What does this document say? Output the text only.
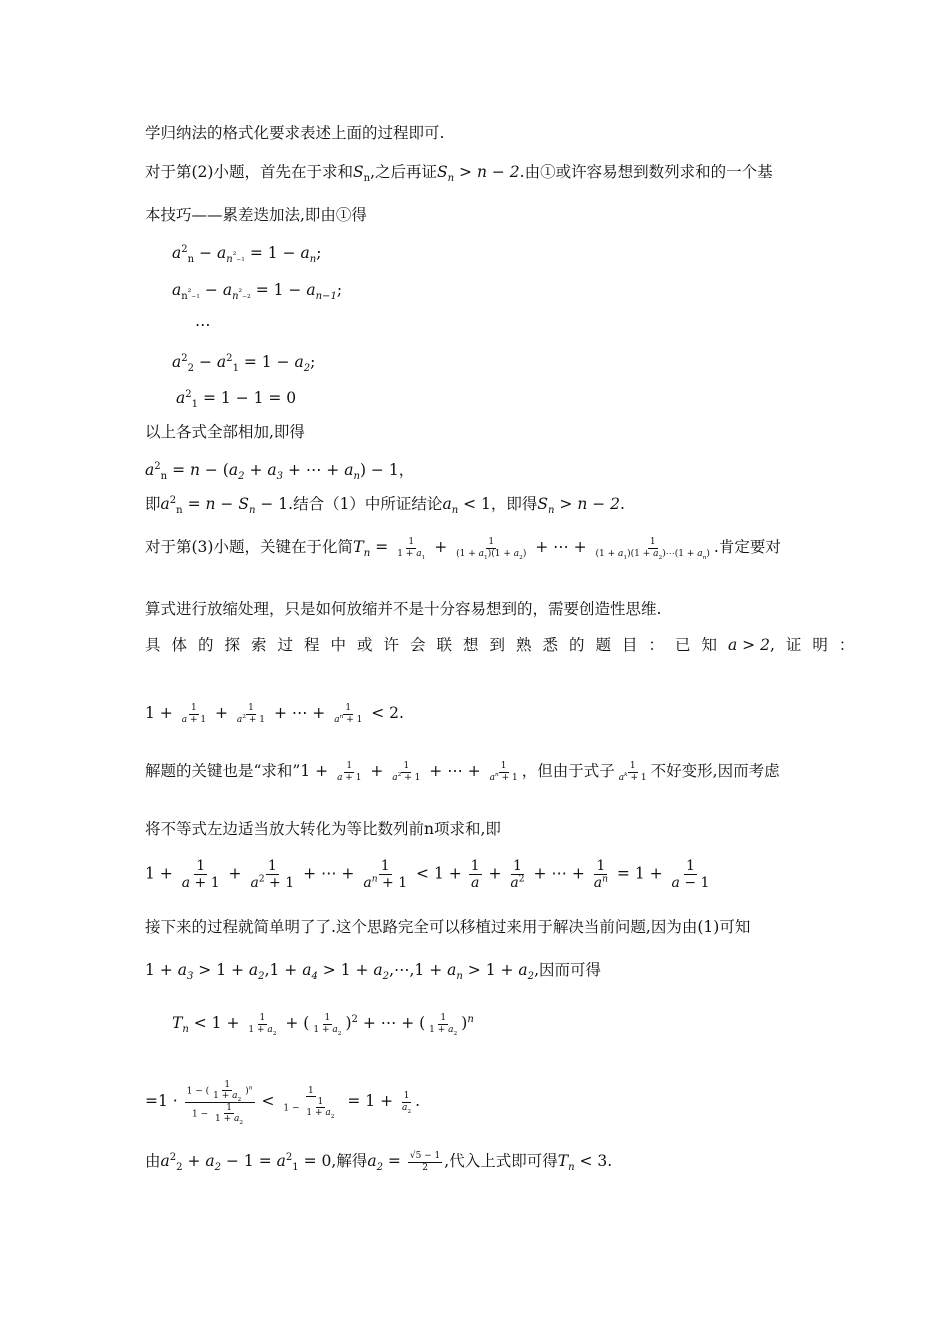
学归纳法的格式化要求表述上面的过程即可.
对于第(2)小题，首先在于求和$S_n$,之后再证$S_n > n - 2$.由①或许容易想到数列求和的一个基
本技巧——累差迭加法,即由①得
$a^2_n - a_n^2_{-1} = 1 - a_n$;
$a_n^2_{-1} - a_n^2_{-2} = 1 - a_{n-1}$;
⋯
$a^2_2 - a^2_1 = 1 - a_2$;
$a^2_1 = 1 - 1 = 0$
以上各式全部相加,即得
$a^2_n = n - (a_2 + a_3$ + ⋯ + $a_n) - 1$，
即$a^2_n = n - S_n - 1$.结合（1）中所证结论$a_n < 1$，即得$S_n > n - 2$.
对于第(3)小题，关键在于化简$T_n = \frac{1}{1 + a_1} + \frac{1}{(1 + a_1)(1 + a_2)}$ + ⋯ + $\frac{1}{(1 + a_1)(1 + a_2)\cdots(1 + a_n)}$ .肯定要对
算式进行放缩处理，只是如何放缩并不是十分容易想到的，需要创造性思维.
具体的探索过程中或许会联想到熟悉的题目：已知a > 2,证明：
$1 + \frac{1}{a + 1} + \frac{1}{a^2 + 1}$ + ⋯ + $\frac{1}{a^n + 1} < 2$.
解题的关键也是“求和”1 + $\frac{1}{a + 1} + \frac{1}{a^2 + 1}$ + ⋯ + $\frac{1}{a^n + 1}$ ，但由于式子 $\frac{1}{a^k + 1}$ 不好变形,因而考虑
将不等式左边适当放大转化为等比数列前n项求和,即
$1 + \frac{1}{a + 1} + \frac{1}{a^2 + 1}$ + ⋯ + $\frac{1}{a^n + 1} < 1 + \frac{1}{a} + \frac{1}{a^2}$ + ⋯ + $\frac{1}{a^n} = 1 + \frac{1}{a - 1}$
接下来的过程就简单明了了.这个思路完全可以移植过来用于解决当前问题,因为由(1)可知
$1 + a_3 > 1 + a_2,1 + a_4 > 1$ + $a_2,\cdots,1 + a_n > 1 + a_2$,因而可得
$T_n < 1 + \frac{1}{1 + a_2}$ + ( $\frac{1}{1 + a_2} )^2$ + ⋯ + ( $\frac{1}{1 + a_2} )^n$
$=1 \cdot \frac{1 - ( \frac{1}{1 + a_2} )^n}{1 - \frac{1}{1 + a_2}} < \frac{1}{1 - \frac{1}{1 + a_2}} = 1 + \frac{1}{a_2}$ .
由$a^2_2 + a_2 - 1 = a^2_1 = 0$,解得$a_2 = \frac{√5 - 1}{2}$ ,代入上式即可得$T_n < 3$.
